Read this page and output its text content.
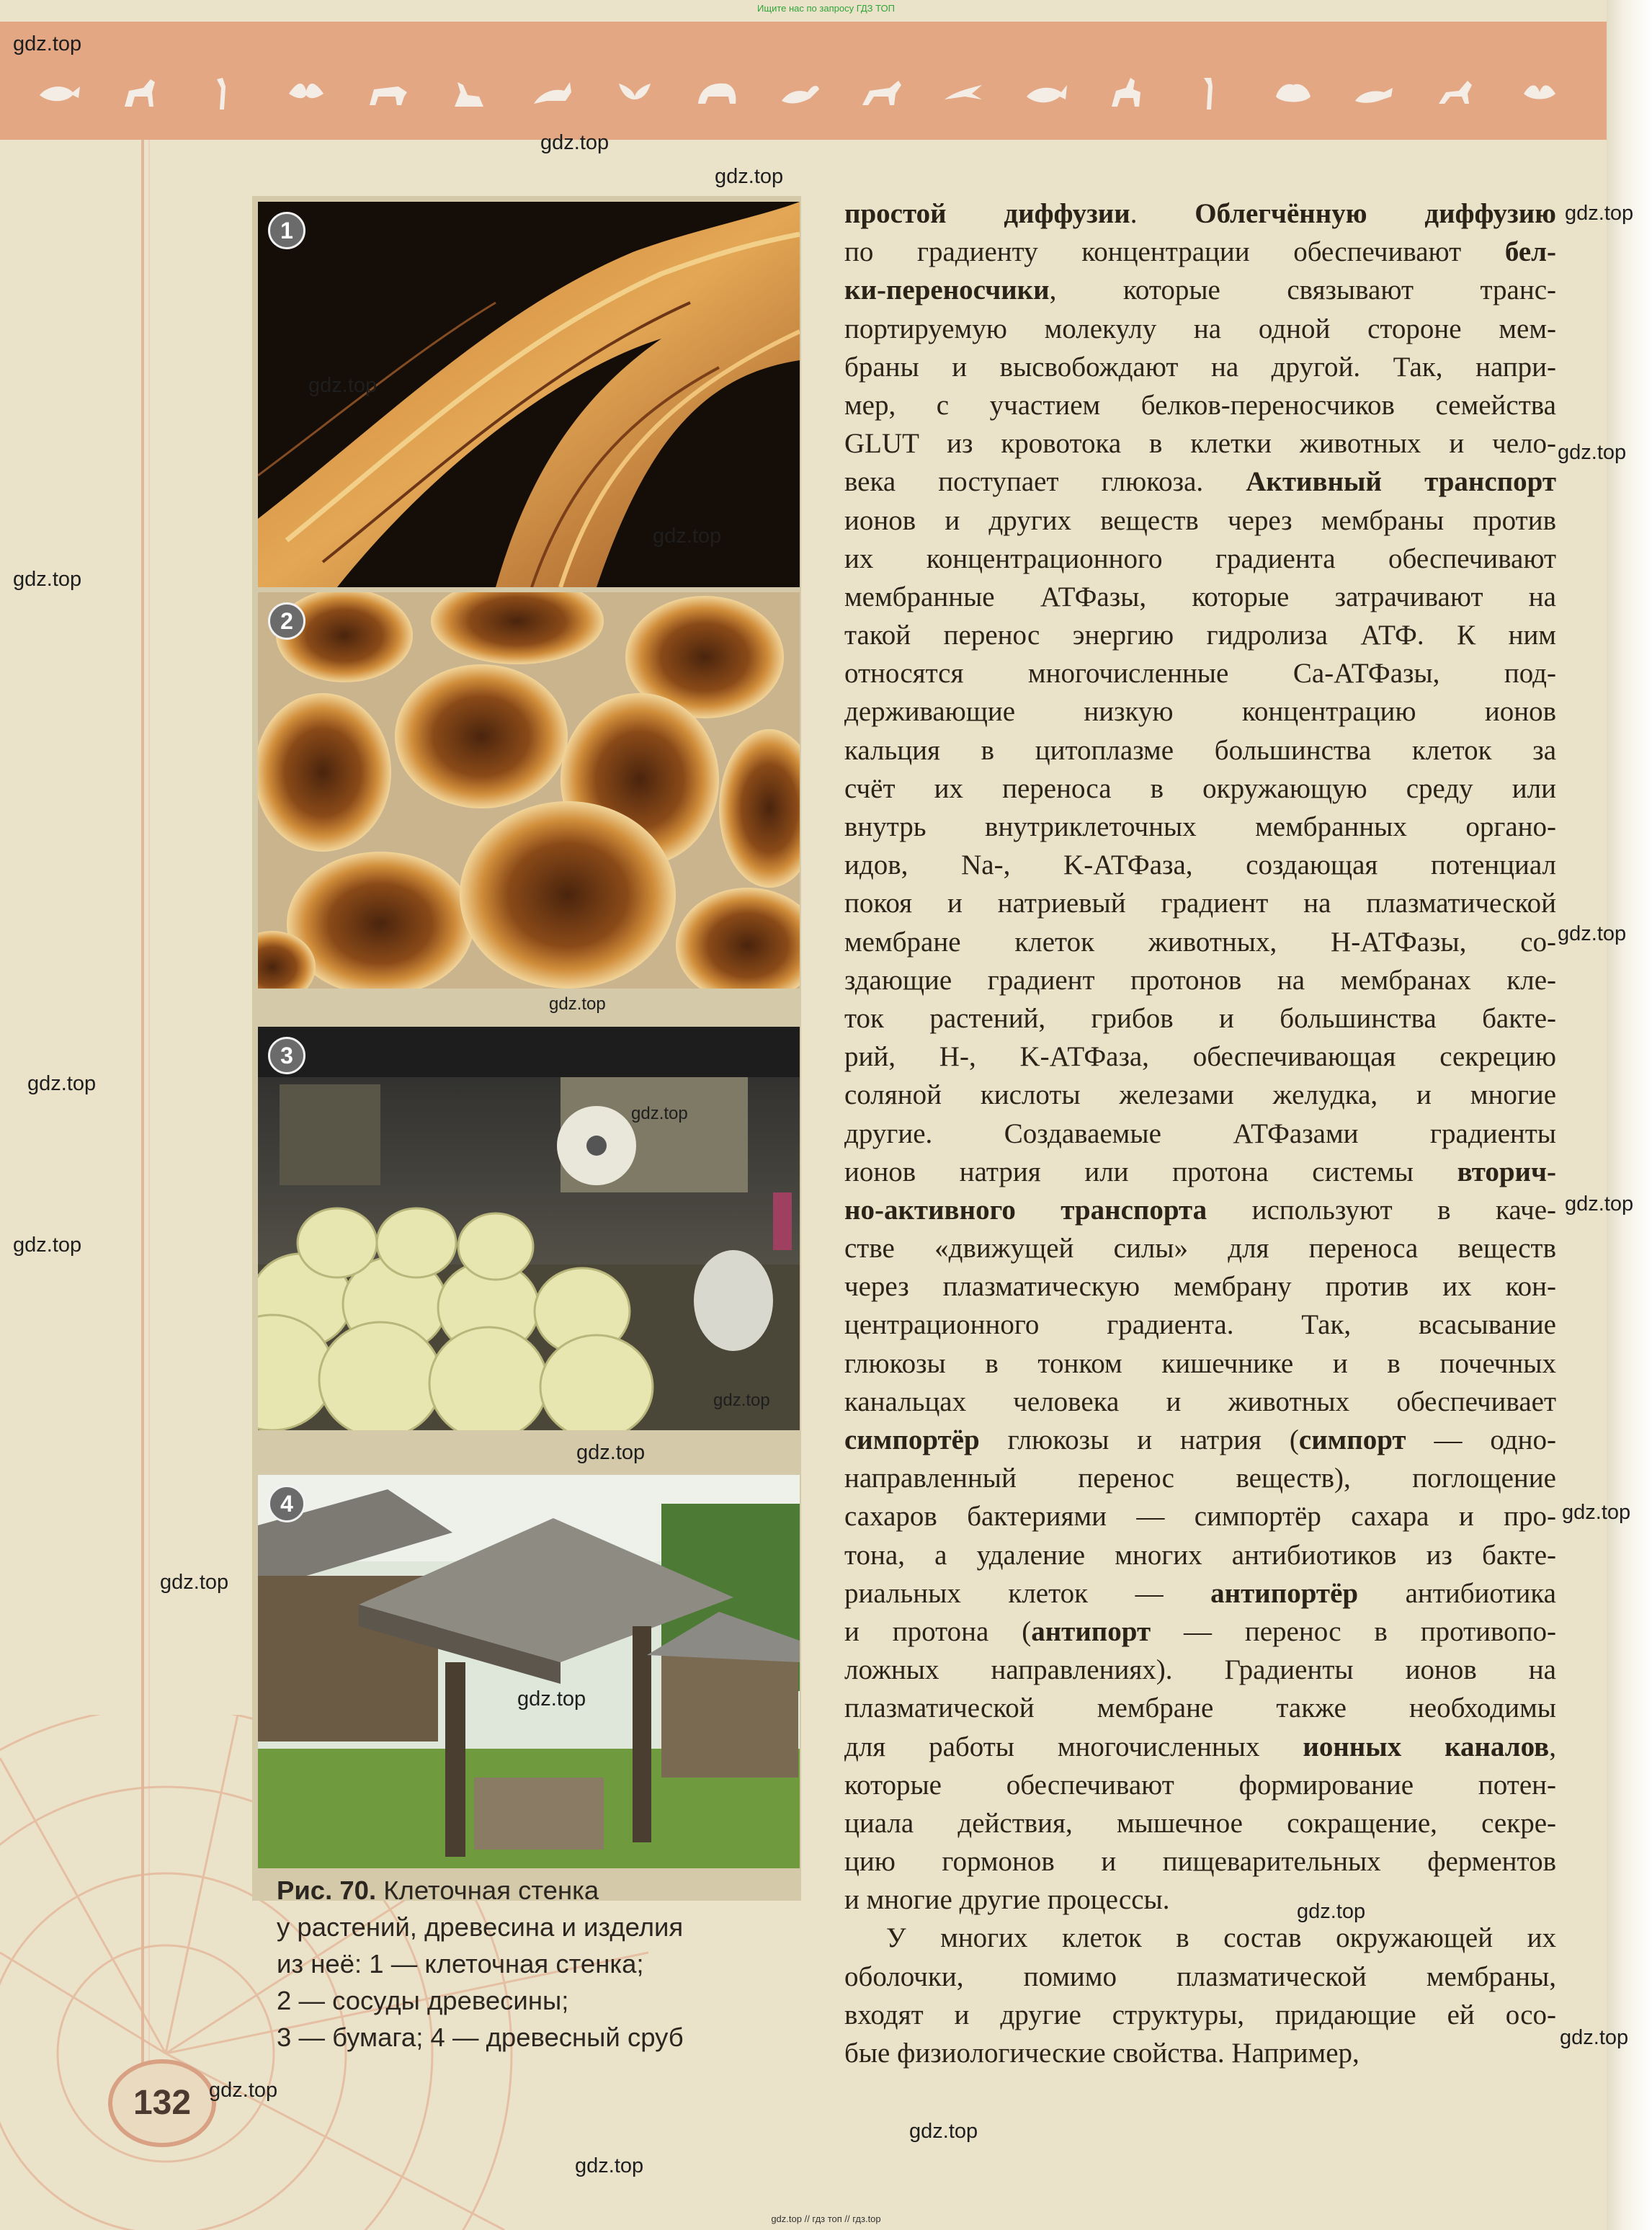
Ищите нас по запросу ГДЗ ТОП
1
2
3
4
Рис. 70. Клеточная стенка
у растений, древесина и изделия
из неё: 1 — клеточная стенка;
2 — сосуды древесины;
3 — бумага; 4 — древесный сруб
простой диффузии. Облегчённую диффузию
по градиенту концентрации обеспечивают бел-
ки-переносчики, которые связывают транс-
портируемую молекулу на одной стороне мем-
браны и высвобождают на другой. Так, напри-
мер, с участием белков-переносчиков семейства
GLUT из кровотока в клетки животных и чело-
века поступает глюкоза. Активный транспорт
ионов и других веществ через мембраны против
их концентрационного градиента обеспечивают
мембранные АТФазы, которые затрачивают на
такой перенос энергию гидролиза АТФ. К ним
относятся многочисленные Са-АТФазы, под-
держивающие низкую концентрацию ионов
кальция в цитоплазме большинства клеток за
счёт их переноса в окружающую среду или
внутрь внутриклеточных мембранных органо-
идов, Na-, K-АТФаза, создающая потенциал
покоя и натриевый градиент на плазматической
мембране клеток животных, Н-АТФазы, со-
здающие градиент протонов на мембранах кле-
ток растений, грибов и большинства бакте-
рий, Н-, K-АТФаза, обеспечивающая секрецию
соляной кислоты железами желудка, и многие
другие. Создаваемые АТФазами градиенты
ионов натрия или протона системы вторич-
но-активного транспорта используют в каче-
стве «движущей силы» для переноса веществ
через плазматическую мембрану против их кон-
центрационного градиента. Так, всасывание
глюкозы в тонком кишечнике и в почечных
канальцах человека и животных обеспечивает
симпортёр глюкозы и натрия (симпорт — одно-
направленный перенос веществ), поглощение
сахаров бактериями — симпортёр сахара и про-
тона, а удаление многих антибиотиков из бакте-
риальных клеток — антипортёр антибиотика
и протона (антипорт — перенос в противопо-
ложных направлениях). Градиенты ионов на
плазматической мембране также необходимы
для работы многочисленных ионных каналов,
которые обеспечивают формирование потен-
циала действия, мышечное сокращение, секре-
цию гормонов и пищеварительных ферментов
и многие другие процессы.
У многих клеток в состав окружающей их
оболочки, помимо плазматической мембраны,
входят и другие структуры, придающие ей осо-
бые физиологические свойства. Например,
132
gdz.top
gdz.top
gdz.top
gdz.top
gdz.top
gdz.top
gdz.top
gdz.top
gdz.top
gdz.top
gdz.top
gdz.top
gdz.top
gdz.top
gdz.top
gdz.top
gdz.top
gdz.top
gdz.top
gdz.top
gdz.top
gdz.top
gdz.top
gdz.top
gdz.top // гдз топ // гдз.top
